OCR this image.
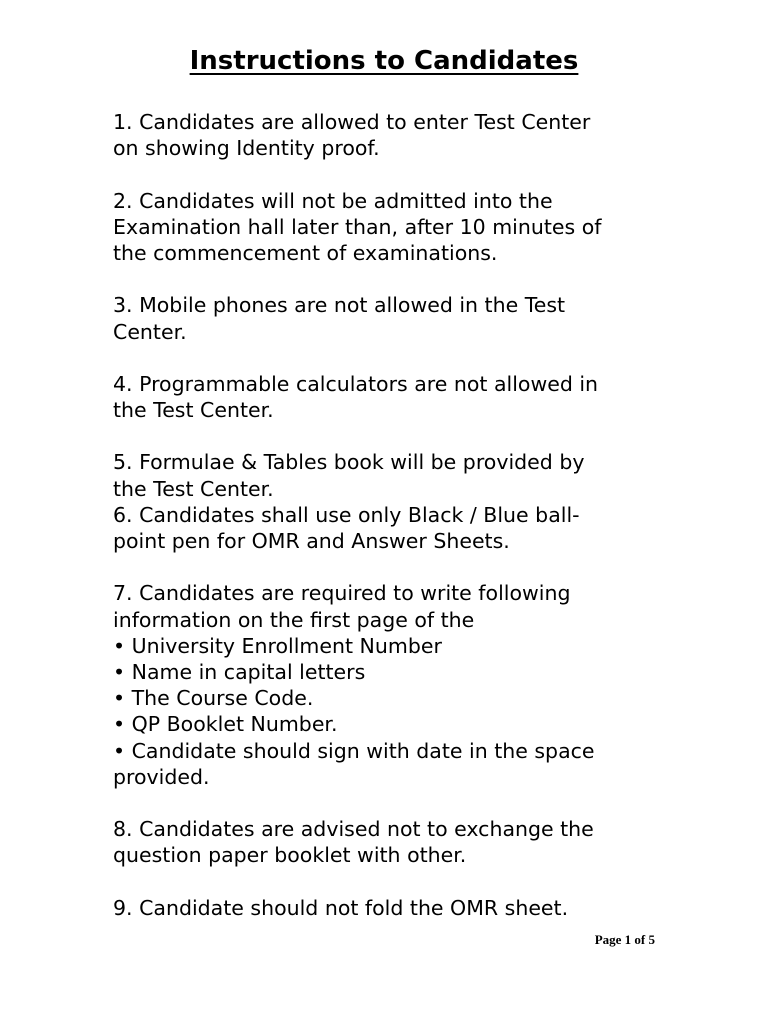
Instructions to Candidates
1. Candidates are allowed to enter Test Center
on showing Identity proof.
2. Candidates will not be admitted into the
Examination hall later than, after 10 minutes of
the commencement of examinations.
3. Mobile phones are not allowed in the Test
Center.
4. Programmable calculators are not allowed in
the Test Center.
5. Formulae & Tables book will be provided by
the Test Center.
6. Candidates shall use only Black / Blue ball-
point pen for OMR and Answer Sheets.
7. Candidates are required to write following
information on the first page of the
• University Enrollment Number
• Name in capital letters
• The Course Code.
• QP Booklet Number.
• Candidate should sign with date in the space
provided.
8. Candidates are advised not to exchange the
question paper booklet with other.
9. Candidate should not fold the OMR sheet.
Page 1 of 5
